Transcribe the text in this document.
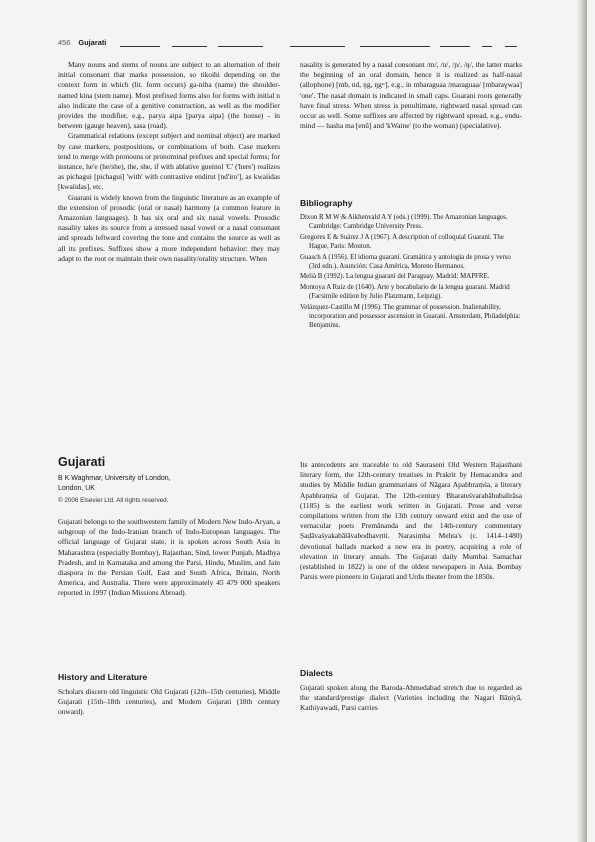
456 Gujarati

Many nouns and stems of nouns are subject to an alternation of their initial consonant that marks possession, so tikoihi depending on the context form in which (lit. form occurs) ga-niba (name) the shoulder-named kina (stem name). Most prefixed forms also for forms with initial n also indicate the case of a genitive construction, as well as the modifier provides the modifier, e.g., parya aipa [parya aipa] (the house) - in between (gauge heaven), sasa (road).

Grammatical relations (except subject and nominal object) are marked by case markers, postpositions, or combinations of both. Case markers tend to merge with pronouns or pronominal prefixes and special forms; for instance, he'e (he/she), the, she, if with ablative gueinol 'C' ('here') realizes as pichagui [pichagui] 'with' with contrastive endirut [nd'iro'], as kwaiidas [kwaiidas], etc.

Guarani is widely known from the linguistic literature as an example of the extension of prosodic (oral or nasal) harmony (a common feature in Amazonian languages). It has six oral and six nasal vowels. Prosodic nasality takes its source from a stressed nasal vowel or a nasal consonant and spreads leftward covering the tone and contains the source as well as all its prefixes. Suffixes show a more independent behavior: they may adapt to the root or maintain their own nasality/orality structure. When

nasality is generated by a nasal consonant /m/, /n/, /ɲ/, /ŋ/, the latter marks the beginning of an oral domain, hence it is realized as half-nasal (allophone) [mb, nd, ŋg, ŋgʷ], e.g., in mbaraguaa /maraguaa/ [mbaraɣwaa] 'one'. The nasal domain is indicated in small caps. Guarani roots generally have final stress. When stress is penultimate, rightward nasal spread can occur as well. Some suffixes are affected by rightward spread, e.g., endu-mind — hasha ma [enũ] and 'kWaine' (to the woman) (specialative).

Bibliography
Dixon R M W & Aikhenvald A Y (eds.) (1999). The Amazonian languages. Cambridge: Cambridge University Press.
Gregores E & Suárez J A (1967). A description of colloquial Guaraní. The Hague, Paris: Mouton.
Guasch A (1956). El idioma guaraní. Gramática y antología de prosa y verso (3rd edn.). Asunción: Casa América, Moreno Hermanos.
Melià B (1992). La lengua guaraní del Paraguay. Madrid: MAPFRE.
Montoya A Ruiz de (1640). Arte y bocabulario de la lengua guaraní. Madrid (Facsimile edition by Julio Platzmann, Leipzig).
Velázquez-Castillo M (1996). The grammar of possession. Inalienability, incorporation and possessor ascension in Guaraní. Amsterdam, Philadelphia: Benjamins.
Gujarati
B K Waghmar, University of London,
London, UK
© 2006 Elsevier Ltd. All rights reserved.

Gujarati belongs to the southwestern family of Modern New Indo-Aryan, a subgroup of the Indo-Iranian branch of Indo-European languages. The official language of Gujarat state, it is spoken across South Asia in Maharashtra (especially Bombay), Rajasthan, Sind, lower Punjab, Madhya Pradesh, and in Karnataka and among the Parsi, Hindu, Muslim, and Jain diaspora in the Persian Gulf, East and South Africa, Britain, North America, and Australia. There were approximately 45 479 000 speakers reported in 1997 (Indian Missions Abroad).

History and Literature

Scholars discern old linguistic Old Gujarati (12th–15th centuries), Middle Gujarati (15th–18th centuries), and Modern Gujarati (18th century onward).

Its antecedents are traceable to old Sauraseni Old Western Rajasthani literary form, the 12th-century treatises in Prakrit by Hemacandra and studies by Middle Indian grammarians of Nāgara Apabhraṃśa, a literary Apabhraṃśa of Gujarat. The 12th-century Bharateśvarabāhubalirāsa (1185) is the earliest work written in Gujarati. Prose and verse compilations written from the 13th century onward exist and the use of vernacular poets Premānanda and the 14th-century commentary Ṣaḍāvaśyakabālāvabodhavṛtti. Narasiṃha Mehta's (c. 1414–1480) devotional ballads marked a new era in poetry, acquiring a role of elevation in literary annals. The Gujarati daily Mumbai Samachar (established in 1822) is one of the oldest newspapers in Asia. Bombay Parsis were pioneers in Gujarati and Urdu theater from the 1850s.

Dialects

Gujarati spoken along the Baroda-Ahmedabad stretch due to regarded as the standard/prestige dialect (Varieties including the Nagari Bāṇiyā, Kathiyawadi, Parsi carries
